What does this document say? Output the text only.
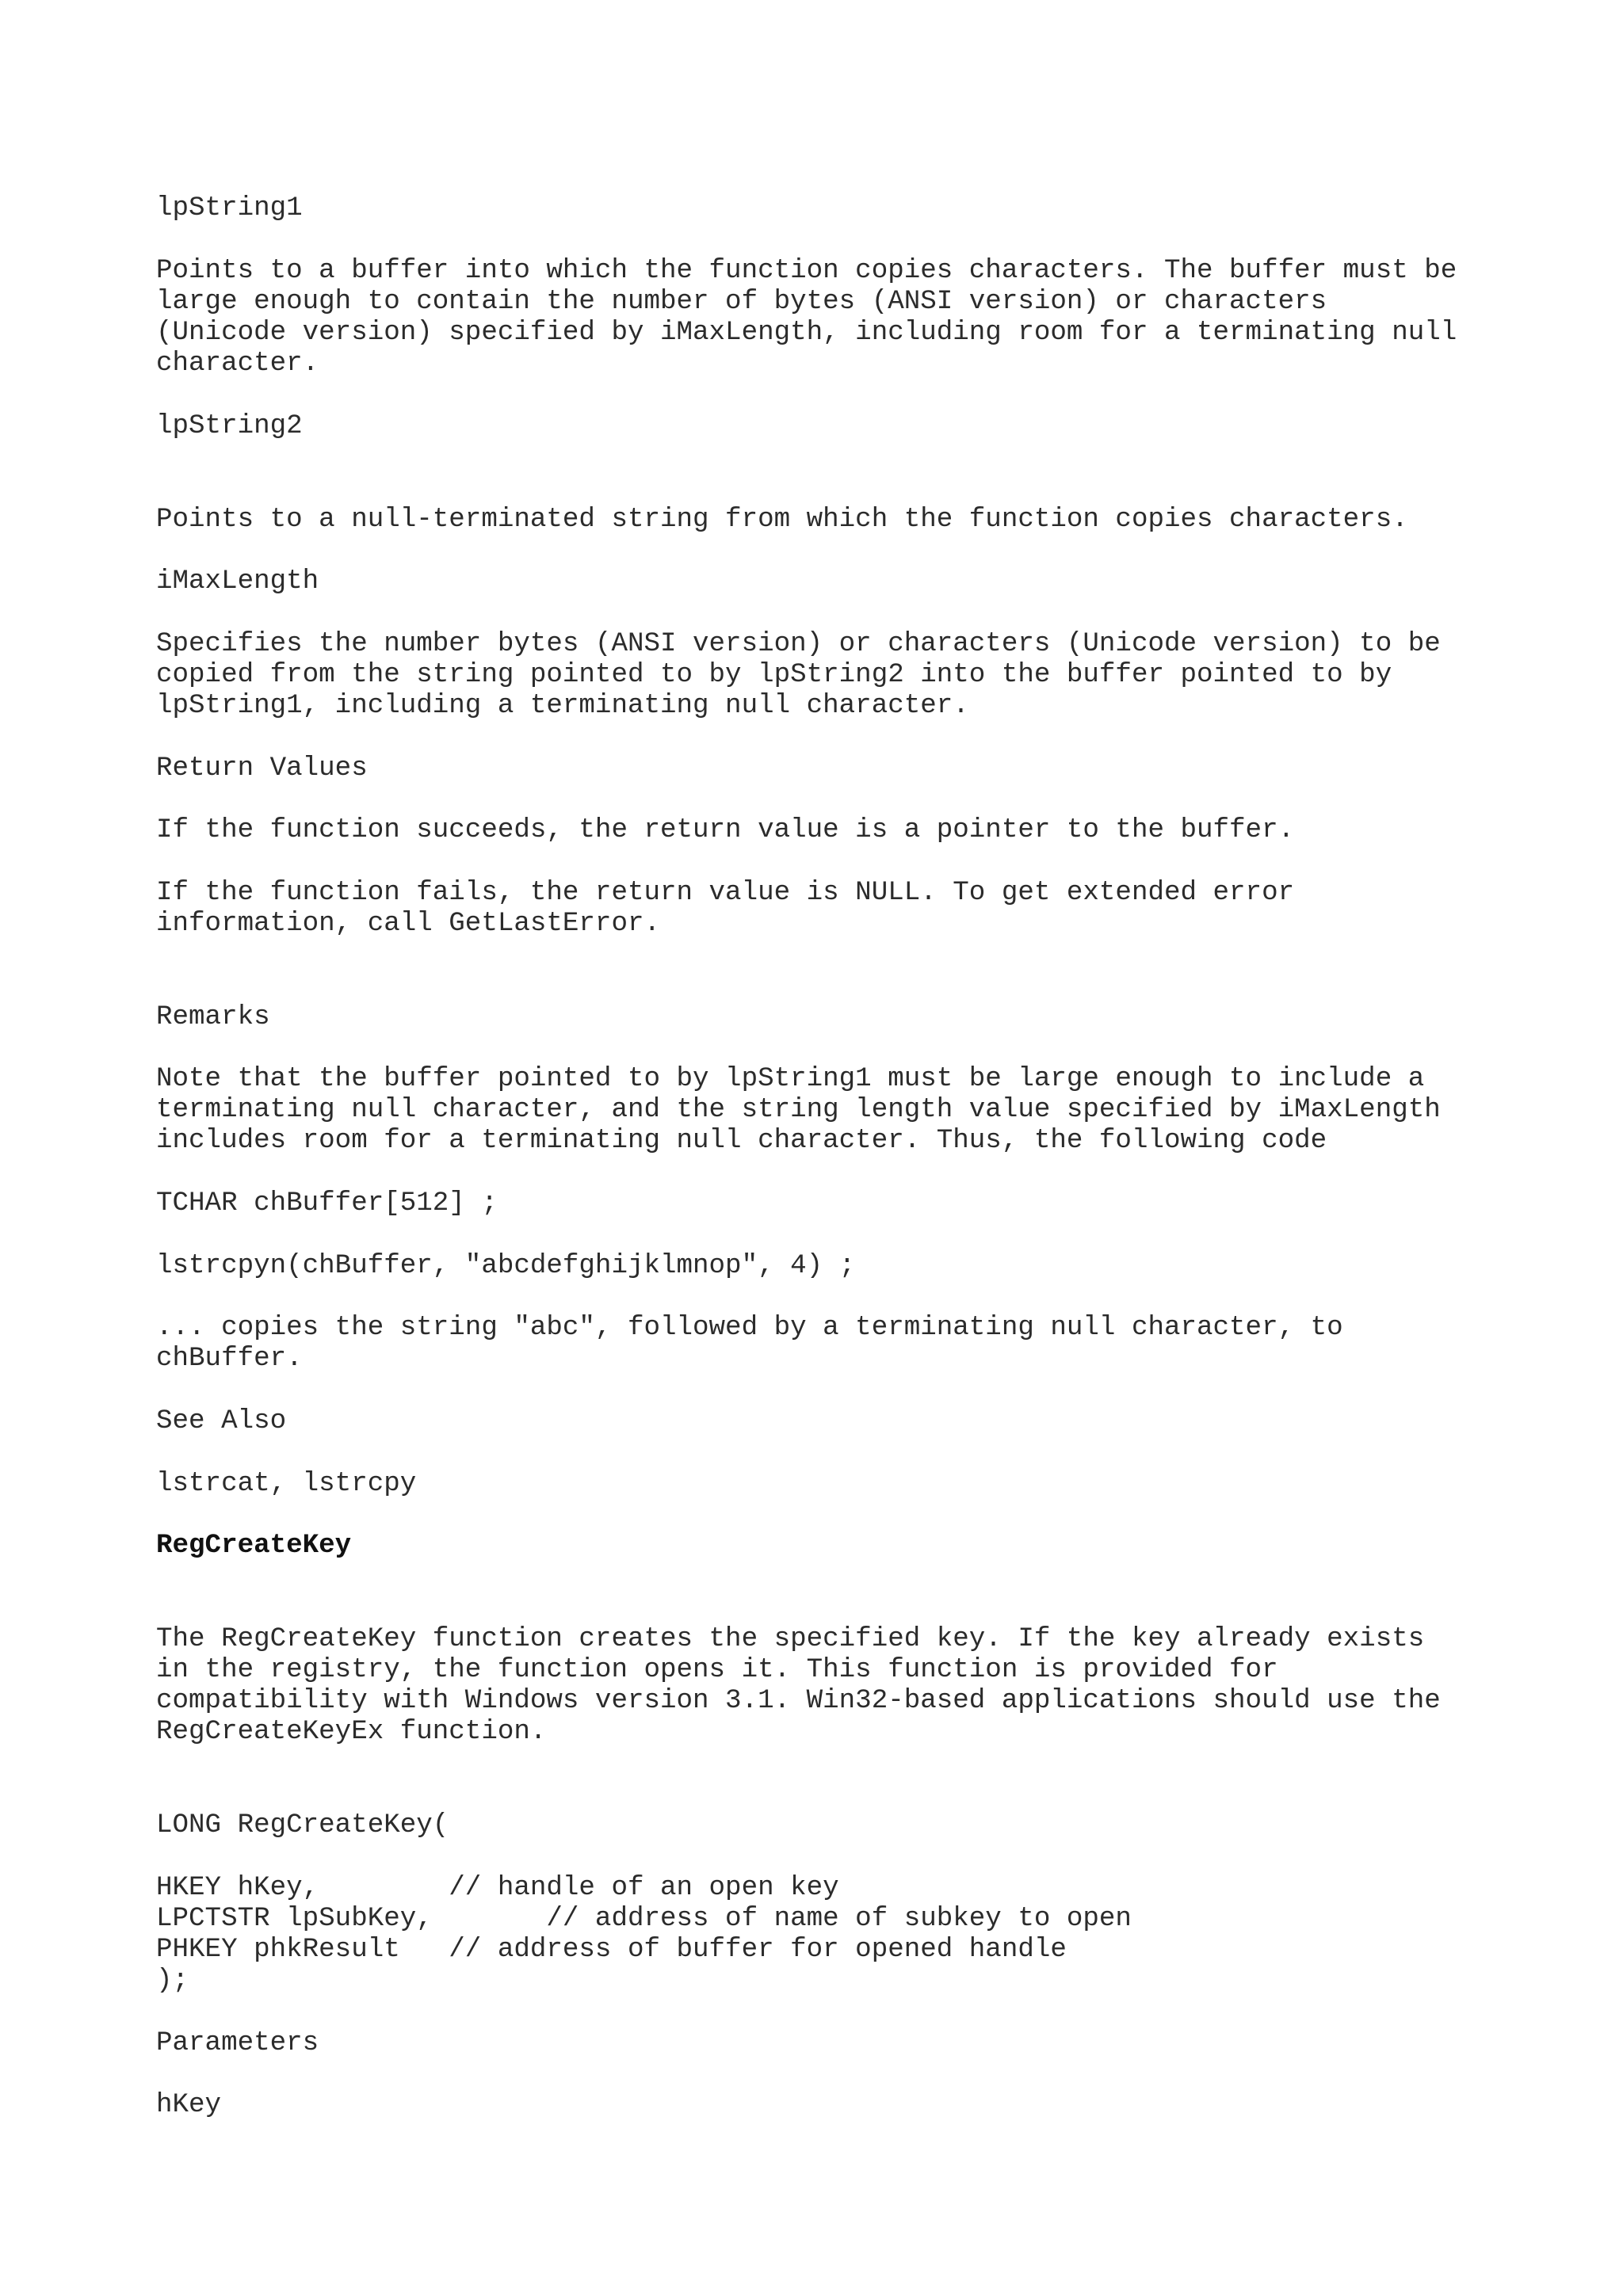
lpString1

Points to a buffer into which the function copies characters. The buffer must be

large enough to contain the number of bytes (ANSI version) or characters

(Unicode version) specified by iMaxLength, including room for a terminating null

character.

lpString2

Points to a null-terminated string from which the function copies characters.

iMaxLength

Specifies the number bytes (ANSI version) or characters (Unicode version) to be

copied from the string pointed to by lpString2 into the buffer pointed to by

lpString1, including a terminating null character.

Return Values

If the function succeeds, the return value is a pointer to the buffer.

If the function fails, the return value is NULL. To get extended error

information, call GetLastError.

Remarks

Note that the buffer pointed to by lpString1 must be large enough to include a

terminating null character, and the string length value specified by iMaxLength

includes room for a terminating null character. Thus, the following code

TCHAR chBuffer[512] ;

lstrcpyn(chBuffer, "abcdefghijklmnop", 4) ;

... copies the string "abc", followed by a terminating null character, to

chBuffer.

See Also

lstrcat, lstrcpy

RegCreateKey

The RegCreateKey function creates the specified key. If the key already exists

in the registry, the function opens it. This function is provided for

compatibility with Windows version 3.1. Win32-based applications should use the

RegCreateKeyEx function.

LONG RegCreateKey(

HKEY hKey,        // handle of an open key

LPCTSTR lpSubKey,       // address of name of subkey to open

PHKEY phkResult   // address of buffer for opened handle

);

Parameters

hKey
